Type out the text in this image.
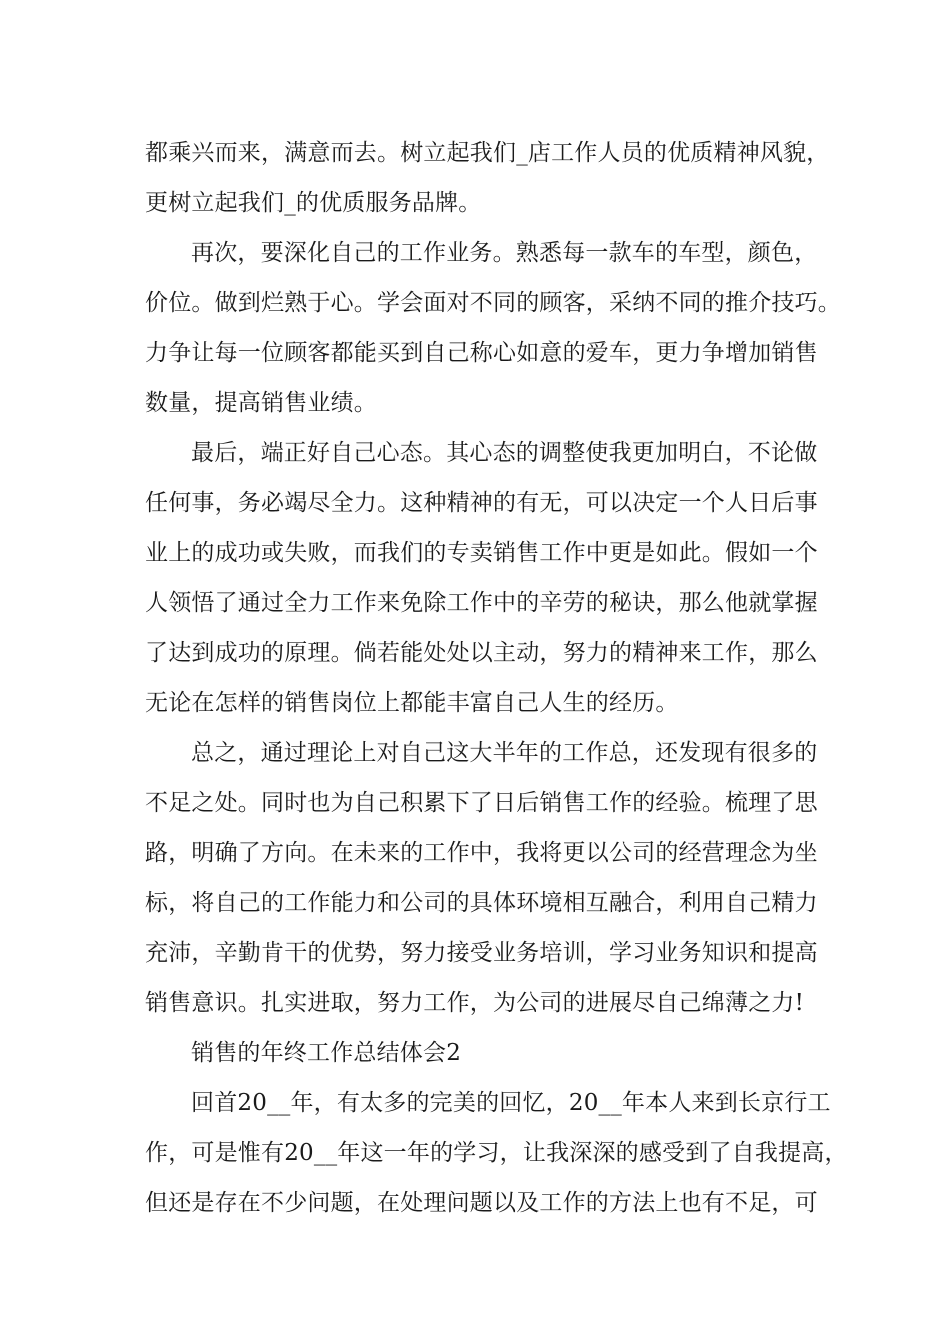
都乘兴而来，满意而去。树立起我们_店工作人员的优质精神风貌，
更树立起我们_的优质服务品牌。
再次，要深化自己的工作业务。熟悉每一款车的车型，颜色，
价位。做到烂熟于心。学会面对不同的顾客，采纳不同的推介技巧。
力争让每一位顾客都能买到自己称心如意的爱车，更力争增加销售
数量，提高销售业绩。
最后，端正好自己心态。其心态的调整使我更加明白，不论做
任何事，务必竭尽全力。这种精神的有无，可以决定一个人日后事
业上的成功或失败，而我们的专卖销售工作中更是如此。假如一个
人领悟了通过全力工作来免除工作中的辛劳的秘诀，那么他就掌握
了达到成功的原理。倘若能处处以主动，努力的精神来工作，那么
无论在怎样的销售岗位上都能丰富自己人生的经历。
总之，通过理论上对自己这大半年的工作总，还发现有很多的
不足之处。同时也为自己积累下了日后销售工作的经验。梳理了思
路，明确了方向。在未来的工作中，我将更以公司的经营理念为坐
标，将自己的工作能力和公司的具体环境相互融合，利用自己精力
充沛，辛勤肯干的优势，努力接受业务培训，学习业务知识和提高
销售意识。扎实进取，努力工作，为公司的进展尽自己绵薄之力!
销售的年终工作总结体会2
回首20__年，有太多的完美的回忆，20__年本人来到长京行工
作，可是惟有20__年这一年的学习，让我深深的感受到了自我提高，
但还是存在不少问题，在处理问题以及工作的方法上也有不足，可
